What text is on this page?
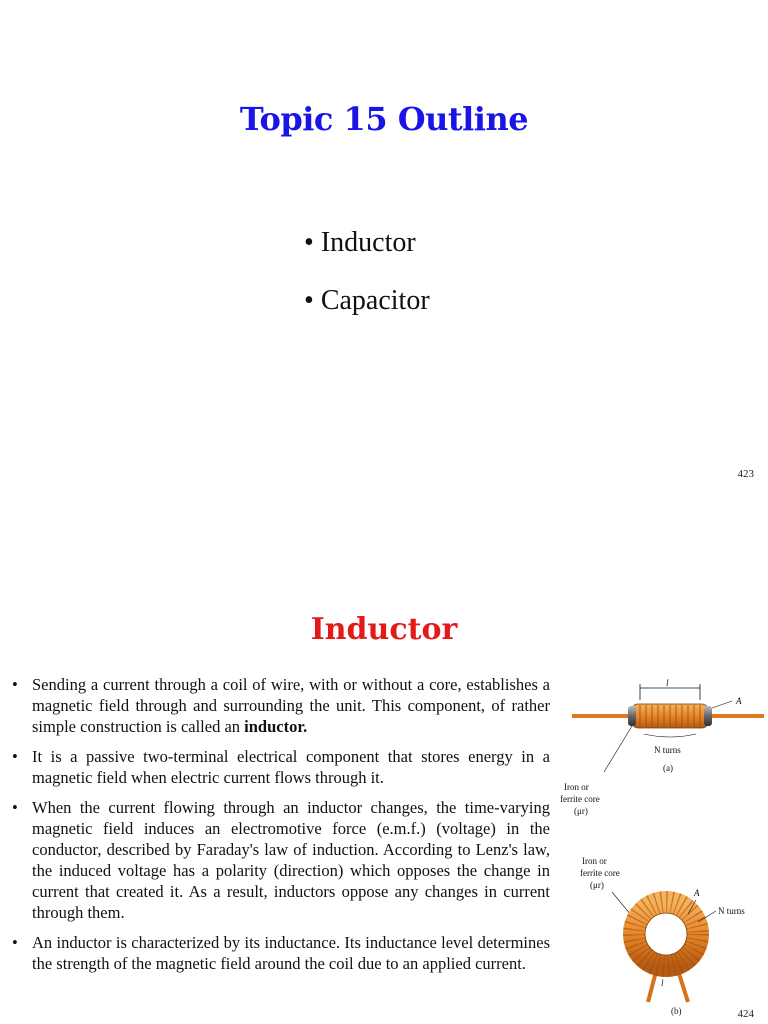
Topic 15 Outline
• Inductor
• Capacitor
423
Inductor
• Sending a current through a coil of wire, with or without a core, establishes a magnetic field through and surrounding the unit. This component, of rather simple construction is called an inductor.
• It is a passive two-terminal electrical component that stores energy in a magnetic field when electric current flows through it.
• When the current flowing through an inductor changes, the time-varying magnetic field induces an electromotive force (e.m.f.) (voltage) in the conductor, described by Faraday's law of induction. According to Lenz's law, the induced voltage has a polarity (direction) which opposes the change in current that created it. As a result, inductors oppose any changes in current through them.
• An inductor is characterized by its inductance. Its inductance level determines the strength of the magnetic field around the coil due to an applied current.
l
A
N turns
(a)
Iron or
ferrite core
(μr)
Iron or
ferrite core
(μr)
A
N turns
l
(b)	424
